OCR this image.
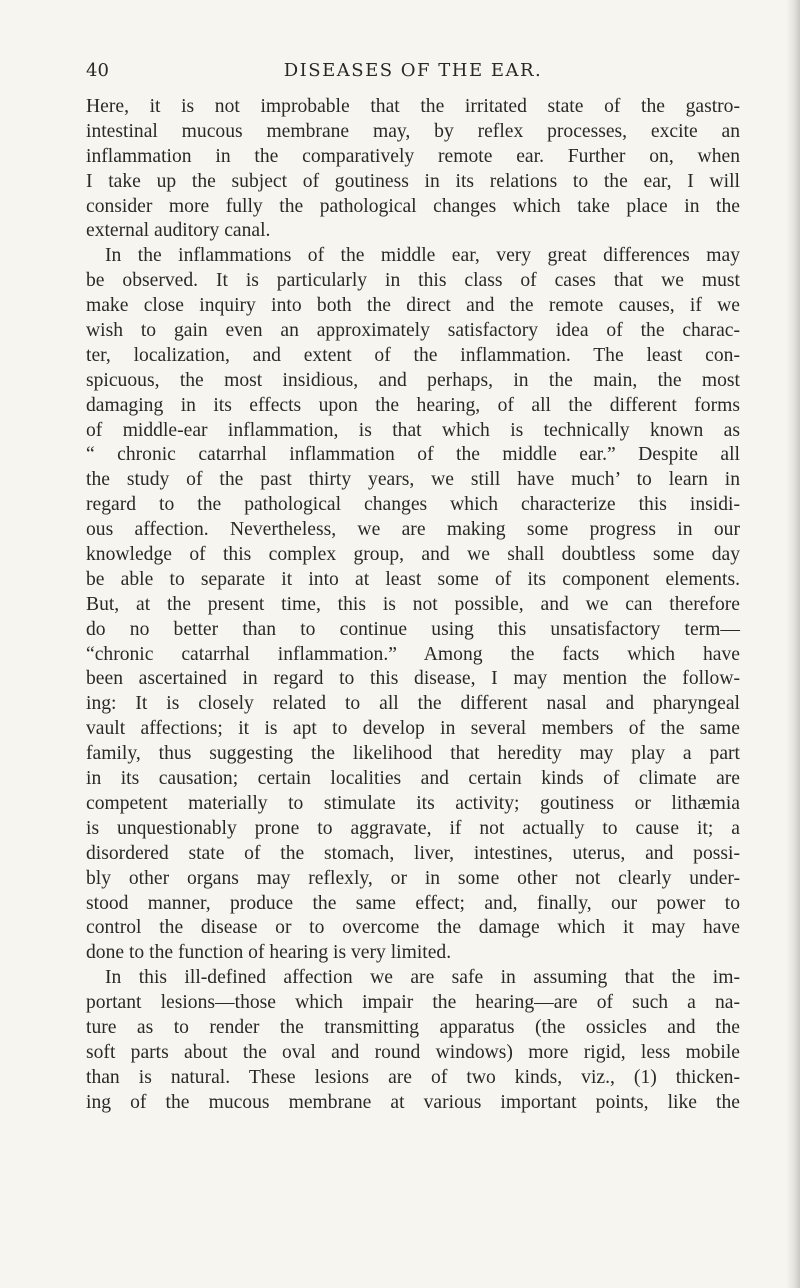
40	DISEASES OF THE EAR.
Here, it is not improbable that the irritated state of the gastro-
intestinal mucous membrane may, by reflex processes, excite an
inflammation in the comparatively remote ear. Further on, when
I take up the subject of goutiness in its relations to the ear, I will
consider more fully the pathological changes which take place in the
external auditory canal.
In the inflammations of the middle ear, very great differences may
be observed. It is particularly in this class of cases that we must
make close inquiry into both the direct and the remote causes, if we
wish to gain even an approximately satisfactory idea of the charac-
ter, localization, and extent of the inflammation. The least con-
spicuous, the most insidious, and perhaps, in the main, the most
damaging in its effects upon the hearing, of all the different forms
of middle-ear inflammation, is that which is technically known as
“ chronic catarrhal inflammation of the middle ear.” Despite all
the study of the past thirty years, we still have much’ to learn in
regard to the pathological changes which characterize this insidi-
ous affection. Nevertheless, we are making some progress in our
knowledge of this complex group, and we shall doubtless some day
be able to separate it into at least some of its component elements.
But, at the present time, this is not possible, and we can therefore
do no better than to continue using this unsatisfactory term—
“chronic catarrhal inflammation.” Among the facts which have
been ascertained in regard to this disease, I may mention the follow-
ing: It is closely related to all the different nasal and pharyngeal
vault affections; it is apt to develop in several members of the same
family, thus suggesting the likelihood that heredity may play a part
in its causation; certain localities and certain kinds of climate are
competent materially to stimulate its activity; goutiness or lithæmia
is unquestionably prone to aggravate, if not actually to cause it; a
disordered state of the stomach, liver, intestines, uterus, and possi-
bly other organs may reflexly, or in some other not clearly under-
stood manner, produce the same effect; and, finally, our power to
control the disease or to overcome the damage which it may have
done to the function of hearing is very limited.
In this ill-defined affection we are safe in assuming that the im-
portant lesions—those which impair the hearing—are of such a na-
ture as to render the transmitting apparatus (the ossicles and the
soft parts about the oval and round windows) more rigid, less mobile
than is natural. These lesions are of two kinds, viz., (1) thicken-
ing of the mucous membrane at various important points, like the
